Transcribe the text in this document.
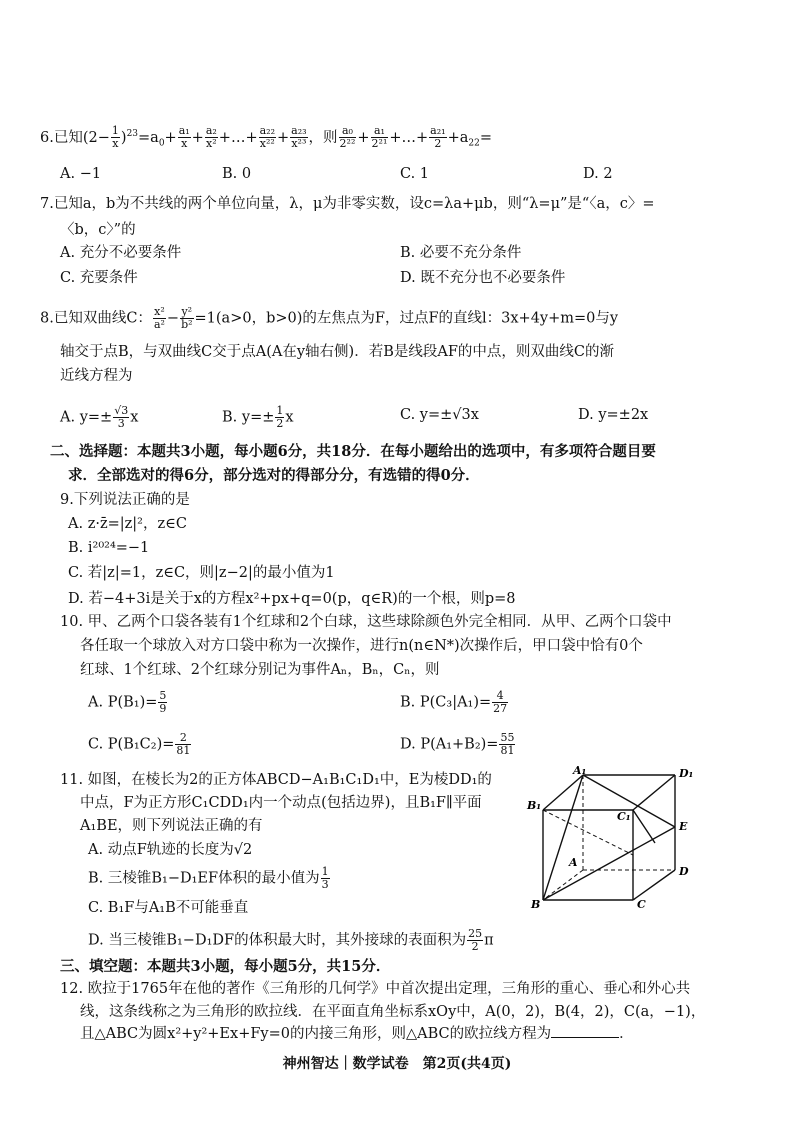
6.已知$(2- \frac{1}{x} )^{23}=a_0+ \frac{\text{a₁}}{x} + \frac{\text{a₂}}{\text{x²}}$ +…+ $\frac{\text{a₂₂}}{\text{x²²}} + \frac{\text{a₂₃}}{\text{x²³}}$ ，则 $\frac{\text{a₀}}{\text{2²²}} + \frac{\text{a₁}}{\text{2²¹}}$ +…+ $\frac{\text{a₂₁}}{2} +a_{22}=$
A. −1	B. 0	C. 1	D. 2
7.已知a，b为不共线的两个单位向量，λ，μ为非零实数，设c=λa+μb，则“λ=μ”是“〈a，c〉=
〈b，c〉”的
A. 充分不必要条件	B. 必要不充分条件
C. 充要条件	D. 既不充分也不必要条件
8.已知双曲线C： $\frac{\text{x²}}{\text{a²}} - \frac{\text{y²}}{\text{b²}} =1(a>0$，b>0)的左焦点为F，过点F的直线l：3x+4y+m=0与y
轴交于点B，与双曲线C交于点A(A在y轴右侧)．若B是线段AF的中点，则双曲线C的渐
近线方程为
A. $y=\pm \frac{√3}{3}$ x	B. $y=\pm \frac{1}{2}$ x	C. y=±√3x	D. y=±2x
二、选择题：本题共3小题，每小题6分，共18分．在每小题给出的选项中，有多项符合题目要
求．全部选对的得6分，部分选对的得部分分，有选错的得0分．
9.下列说法正确的是
A. z·z̄=|z|²，z∈C
B. i²⁰²⁴=−1
C. 若|z|=1，z∈C，则|z−2|的最小值为1
D. 若−4+3i是关于x的方程x²+px+q=0(p，q∈R)的一个根，则p=8
10. 甲、乙两个口袋各装有1个红球和2个白球，这些球除颜色外完全相同．从甲、乙两个口袋中
各任取一个球放入对方口袋中称为一次操作，进行n(n∈N*)次操作后，甲口袋中恰有0个
红球、1个红球、2个红球分别记为事件Aₙ，Bₙ，Cₙ，则
A. $P(B_1)= \frac{5}{9}$	B. $P(C_3|A_1)= \frac{4}{27}$
C. $P(B_1C_2)= \frac{2}{81}$	D. $P(A_1+B_2)= \frac{55}{81}$
11. 如图，在棱长为2的正方体ABCD−A₁B₁C₁D₁中，E为棱DD₁的
中点，F为正方形C₁CDD₁内一个动点(包括边界)，且B₁F∥平面
A₁BE，则下列说法正确的有
A. 动点F轨迹的长度为√2
B. 三棱锥B₁−D₁EF体积的最小值为 $\frac{1}{3}$
C. B₁F与A₁B不可能垂直
D. 当三棱锥B₁−D₁DF的体积最大时，其外接球的表面积为 $\frac{25}{2}$ π
A₁	D₁
B₁
C₁
E
A
D
B	C
三、填空题：本题共3小题，每小题5分，共15分．
12. 欧拉于1765年在他的著作《三角形的几何学》中首次提出定理，三角形的重心、垂心和外心共
线，这条线称之为三角形的欧拉线．在平面直角坐标系xOy中，A(0，2)，B(4，2)，C(a，−1)，
且△ABC为圆x²+y²+Ex+Fy=0的内接三角形，则△ABC的欧拉线方程为	．
神州智达｜数学试卷　第2页(共4页)
